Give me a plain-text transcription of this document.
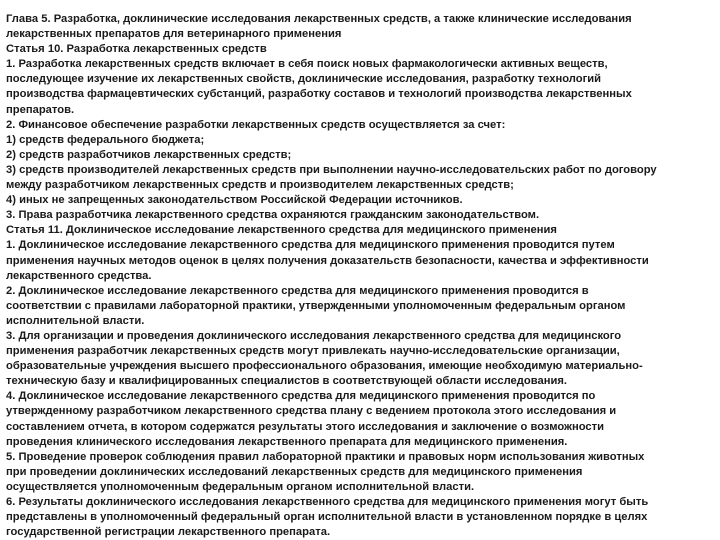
Глава 5. Разработка, доклинические исследования лекарственных средств, а также клинические исследования
лекарственных препаратов для ветеринарного применения
Статья 10. Разработка лекарственных средств
1. Разработка лекарственных средств включает в себя поиск новых фармакологически активных веществ,
последующее изучение их лекарственных свойств, доклинические исследования, разработку технологий
производства фармацевтических субстанций, разработку составов и технологий производства лекарственных
препаратов.
2. Финансовое обеспечение разработки лекарственных средств осуществляется за счет:
1) средств федерального бюджета;
2) средств разработчиков лекарственных средств;
3) средств производителей лекарственных средств при выполнении научно-исследовательских работ по договору
между разработчиком лекарственных средств и производителем лекарственных средств;
4) иных не запрещенных законодательством Российской Федерации источников.
3. Права разработчика лекарственного средства охраняются гражданским законодательством.
Статья 11. Доклиническое исследование лекарственного средства для медицинского применения
1. Доклиническое исследование лекарственного средства для медицинского применения проводится путем
применения научных методов оценок в целях получения доказательств безопасности, качества и эффективности
лекарственного средства.
2. Доклиническое исследование лекарственного средства для медицинского применения проводится в
соответствии с правилами лабораторной практики, утвержденными уполномоченным федеральным органом
исполнительной власти.
3. Для организации и проведения доклинического исследования лекарственного средства для медицинского
применения разработчик лекарственных средств могут привлекать научно-исследовательские организации,
образовательные учреждения высшего профессионального образования, имеющие необходимую материально-
техническую базу и квалифицированных специалистов в соответствующей области исследования.
4. Доклиническое исследование лекарственного средства для медицинского применения проводится по
утвержденному разработчиком лекарственного средства плану с ведением протокола этого исследования и
составлением отчета, в котором содержатся результаты этого исследования и заключение о возможности
проведения клинического исследования лекарственного препарата для медицинского применения.
5. Проведение проверок соблюдения правил лабораторной практики и правовых норм использования животных
при проведении доклинических исследований лекарственных средств для медицинского применения
осуществляется уполномоченным федеральным органом исполнительной власти.
6. Результаты доклинического исследования лекарственного средства для медицинского применения могут быть
представлены в уполномоченный федеральный орган исполнительной власти в установленном порядке в целях
государственной регистрации лекарственного препарата.
